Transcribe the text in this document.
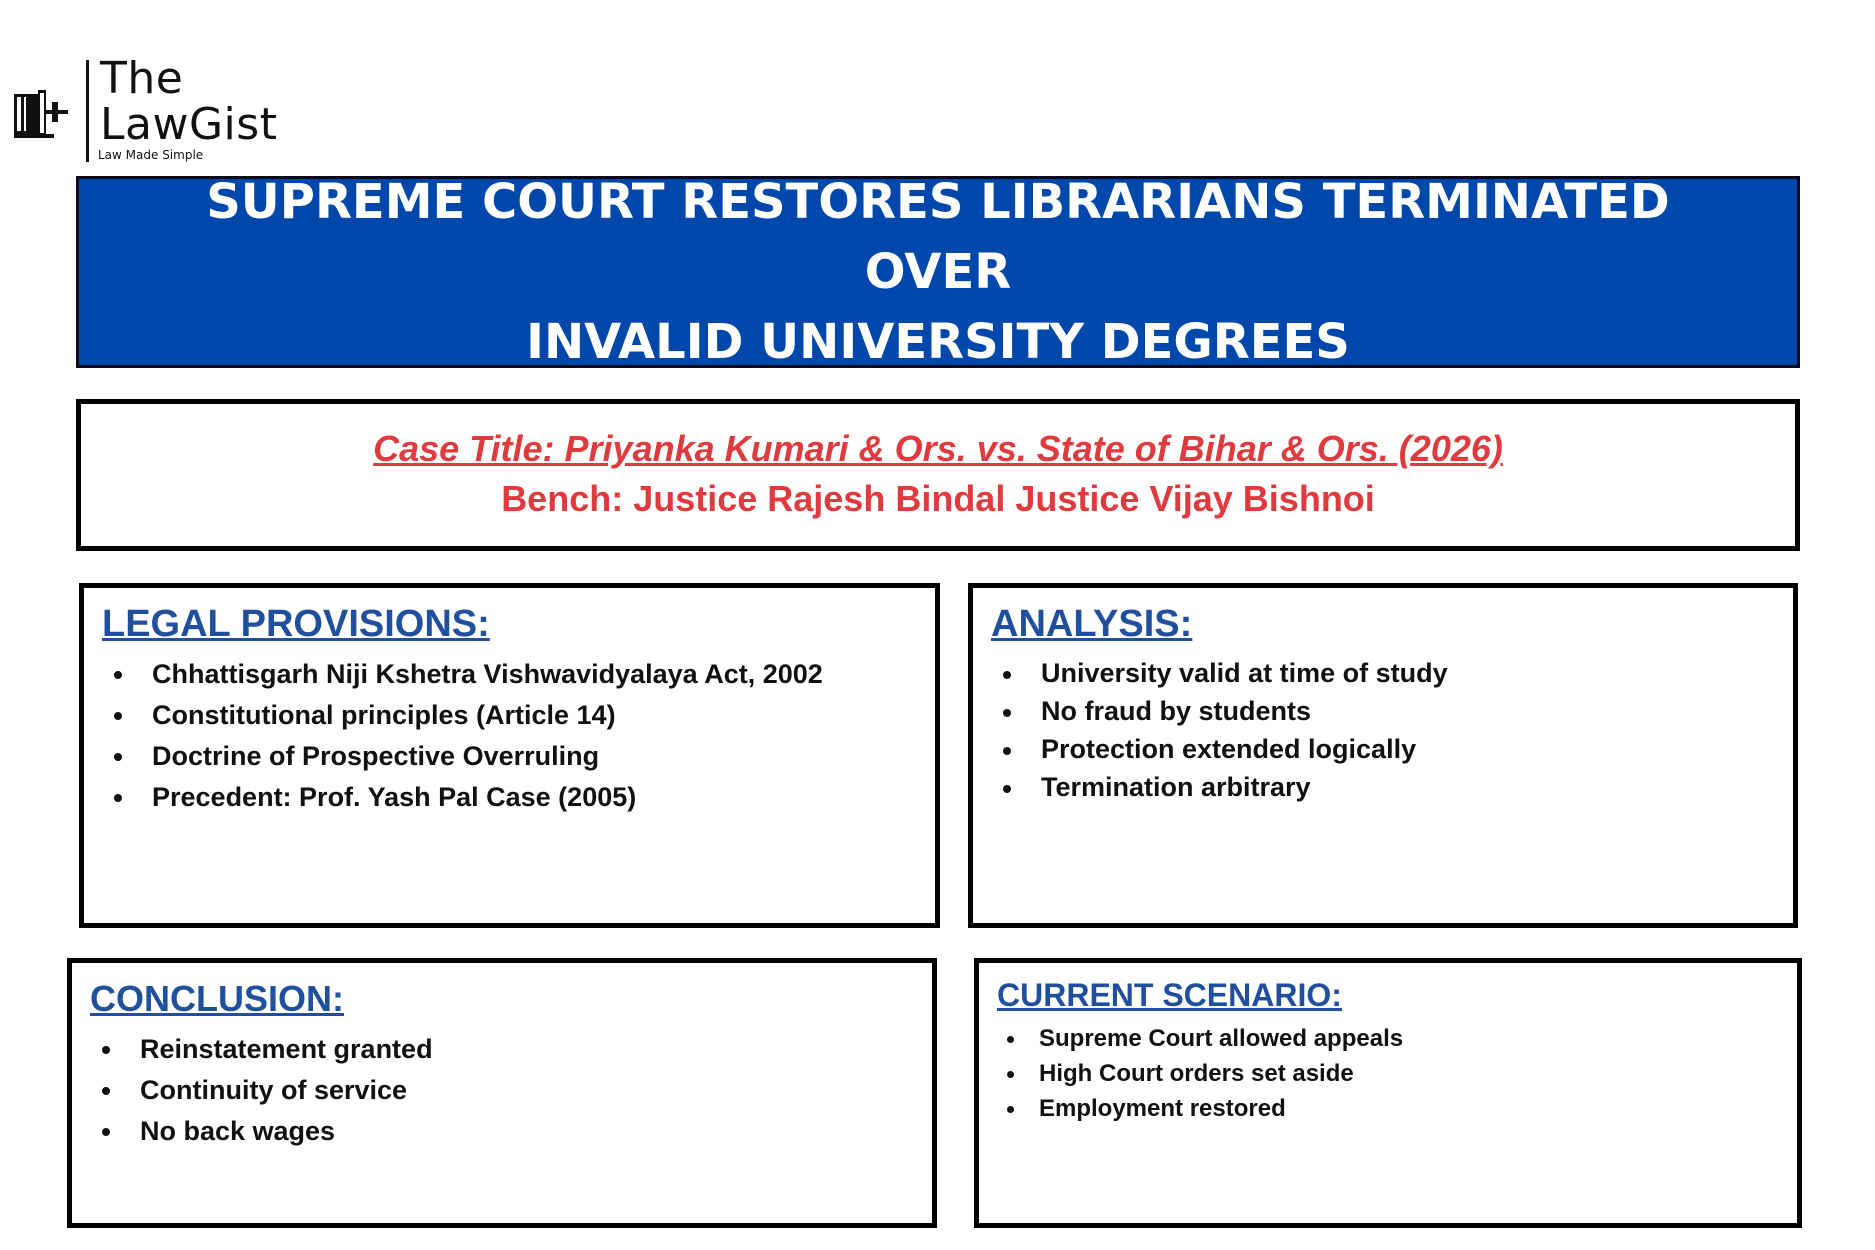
The
LawGist
Law Made Simple
SUPREME COURT RESTORES LIBRARIANS TERMINATED OVER
INVALID UNIVERSITY DEGREES
Case Title: Priyanka Kumari & Ors. vs. State of Bihar & Ors. (2026)
Bench: Justice Rajesh Bindal Justice Vijay Bishnoi
LEGAL PROVISIONS:
Chhattisgarh Niji Kshetra Vishwavidyalaya Act, 2002
Constitutional principles (Article 14)
Doctrine of Prospective Overruling
Precedent: Prof. Yash Pal Case (2005)
ANALYSIS:
University valid at time of study
No fraud by students
Protection extended logically
Termination arbitrary
CONCLUSION:
Reinstatement granted
Continuity of service
No back wages
CURRENT SCENARIO:
Supreme Court allowed appeals
High Court orders set aside
Employment restored
